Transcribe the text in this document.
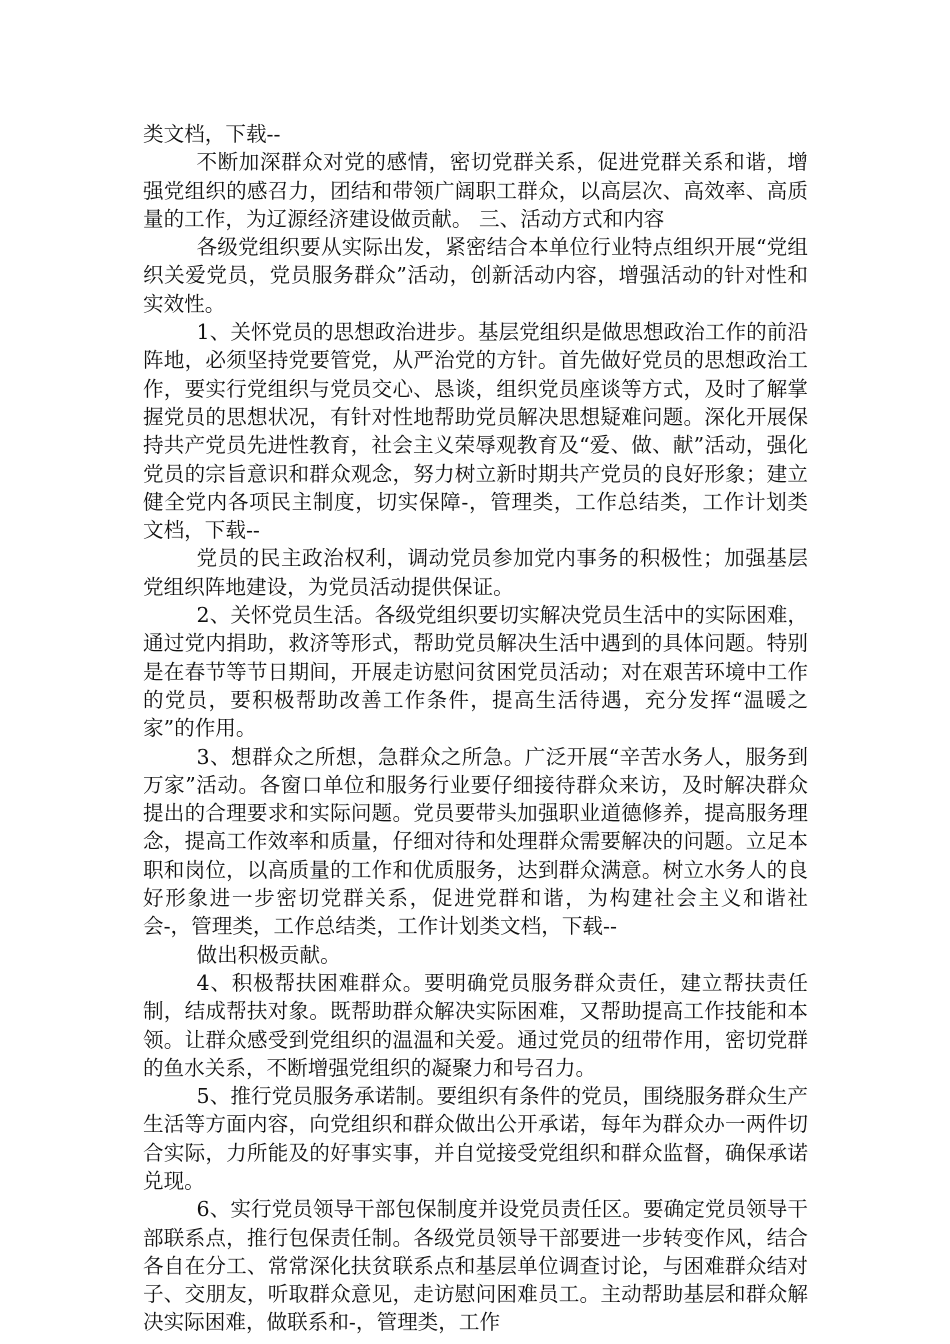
类文档，下载--

不断加深群众对党的感情，密切党群关系，促进党群关系和谐，增强党组织的感召力，团结和带领广阔职工群众，以高层次、高效率、高质量的工作，为辽源经济建设做贡献。 三、活动方式和内容

各级党组织要从实际出发，紧密结合本单位行业特点组织开展“党组织关爱党员，党员服务群众”活动，创新活动内容，增强活动的针对性和实效性。

1、关怀党员的思想政治进步。基层党组织是做思想政治工作的前沿阵地，必须坚持党要管党，从严治党的方针。首先做好党员的思想政治工作，要实行党组织与党员交心、恳谈，组织党员座谈等方式，及时了解掌握党员的思想状况，有针对性地帮助党员解决思想疑难问题。深化开展保持共产党员先进性教育，社会主义荣辱观教育及“爱、做、献”活动，强化党员的宗旨意识和群众观念，努力树立新时期共产党员的良好形象；建立健全党内各项民主制度，切实保障-，管理类，工作总结类，工作计划类文档，下载--

党员的民主政治权利，调动党员参加党内事务的积极性；加强基层党组织阵地建设，为党员活动提供保证。

2、关怀党员生活。各级党组织要切实解决党员生活中的实际困难，通过党内捐助，救济等形式，帮助党员解决生活中遇到的具体问题。特别是在春节等节日期间，开展走访慰问贫困党员活动；对在艰苦环境中工作的党员，要积极帮助改善工作条件，提高生活待遇，充分发挥“温暖之家”的作用。

3、想群众之所想，急群众之所急。广泛开展“辛苦水务人，服务到万家”活动。各窗口单位和服务行业要仔细接待群众来访，及时解决群众提出的合理要求和实际问题。党员要带头加强职业道德修养，提高服务理念，提高工作效率和质量，仔细对待和处理群众需要解决的问题。立足本职和岗位，以高质量的工作和优质服务，达到群众满意。树立水务人的良好形象进一步密切党群关系，促进党群和谐，为构建社会主义和谐社会-，管理类，工作总结类，工作计划类文档，下载--

做出积极贡献。

4、积极帮扶困难群众。要明确党员服务群众责任，建立帮扶责任制，结成帮扶对象。既帮助群众解决实际困难，又帮助提高工作技能和本领。让群众感受到党组织的温温和关爱。通过党员的纽带作用，密切党群的鱼水关系，不断增强党组织的凝聚力和号召力。

5、推行党员服务承诺制。要组织有条件的党员，围绕服务群众生产生活等方面内容，向党组织和群众做出公开承诺，每年为群众办一两件切合实际，力所能及的好事实事，并自觉接受党组织和群众监督，确保承诺兑现。

6、实行党员领导干部包保制度并设党员责任区。要确定党员领导干部联系点，推行包保责任制。各级党员领导干部要进一步转变作风，结合各自在分工、常常深化扶贫联系点和基层单位调查讨论，与困难群众结对子、交朋友，听取群众意见，走访慰问困难员工。主动帮助基层和群众解决实际困难，做联系和-，管理类，工作
